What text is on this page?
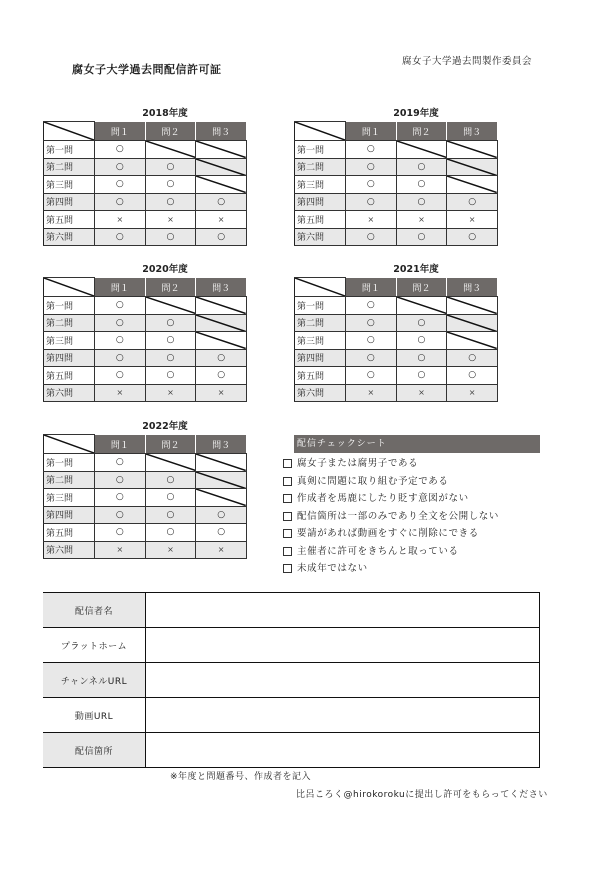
腐女子大学過去問配信許可証
腐女子大学過去問製作委員会
2018年度
	問１	問２	問３
第一問	○	

第二問	○	○	

第三問	○	○	

第四問	○	○	○
第五問	×	×	×
第六問	○	○	○
2019年度
	問１	問２	問３
第一問	○	

第二問	○	○	

第三問	○	○	

第四問	○	○	○
第五問	×	×	×
第六問	○	○	○
2020年度
	問１	問２	問３
第一問	○	

第二問	○	○	

第三問	○	○	

第四問	○	○	○
第五問	○	○	○
第六問	×	×	×
2021年度
	問１	問２	問３
第一問	○	

第二問	○	○	

第三問	○	○	

第四問	○	○	○
第五問	○	○	○
第六問	×	×	×
2022年度
	問１	問２	問３
第一問	○	

第二問	○	○	

第三問	○	○	

第四問	○	○	○
第五問	○	○	○
第六問	×	×	×
配信チェックシート
腐女子または腐男子である
真剣に問題に取り組む予定である
作成者を馬鹿にしたり貶す意図がない
配信箇所は一部のみであり全文を公開しない
要請があれば動画をすぐに削除にできる
主催者に許可をきちんと取っている
未成年ではない
配信者名	
プラットホーム	
チャンネルURL	
動画URL	
配信箇所	
※年度と問題番号、作成者を記入
比呂ころく@hirokorokuに提出し許可をもらってください
